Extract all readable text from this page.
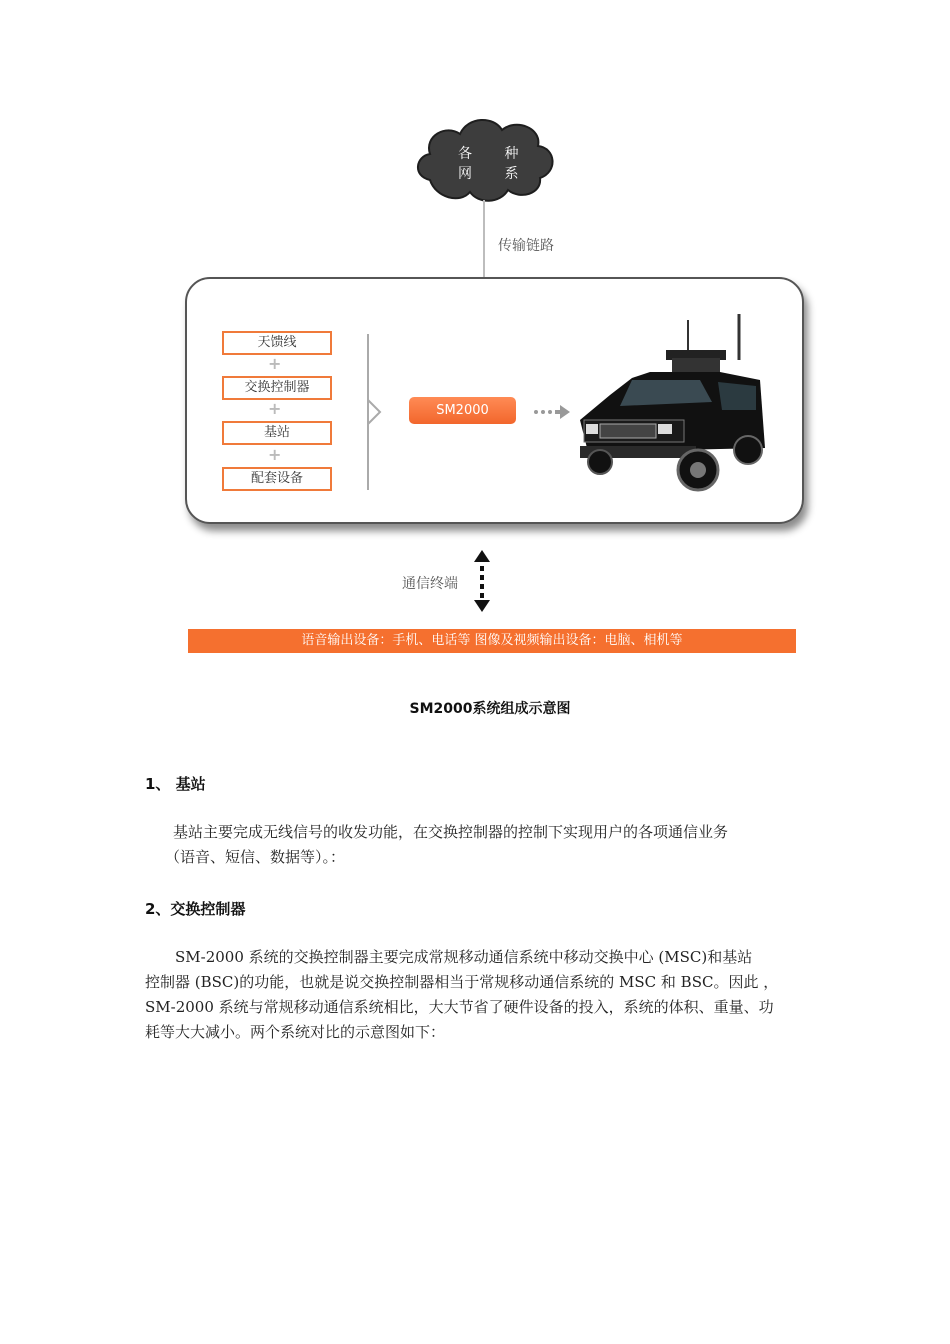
各 种
网 系
传输链路
天馈线
+
交换控制器
+
基站
+
配套设备
SM2000
通信终端
语音输出设备：手机、电话等 图像及视频输出设备：电脑、相机等
SM2000系统组成示意图
1、 基站
基站主要完成无线信号的收发功能，在交换控制器的控制下实现用户的各项通信业务
（语音、短信、数据等）。：
2、交换控制器
SM-2000 系统的交换控制器主要完成常规移动通信系统中移动交换中心 (MSC)和基站
控制器 (BSC)的功能，也就是说交换控制器相当于常规移动通信系统的 MSC 和 BSC。因此 ，
SM-2000 系统与常规移动通信系统相比，大大节省了硬件设备的投入，系统的体积、重量、功
耗等大大减小。两个系统对比的示意图如下：
